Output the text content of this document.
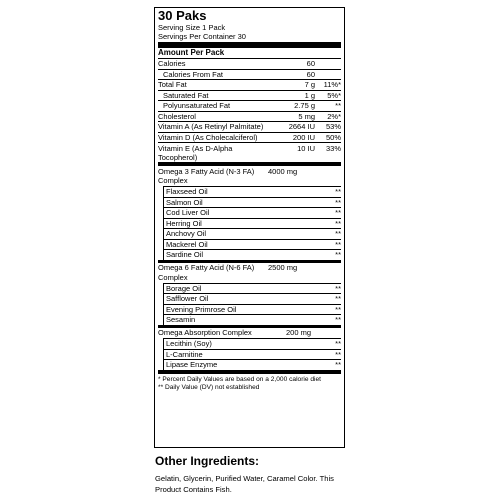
30 Paks
Serving Size 1 Pack
Servings Per Container 30
Amount Per Pack
Calories	60
Calories From Fat	60
Total Fat	7 g	11%*
Saturated Fat	1 g	5%*
Polyunsaturated Fat	2.75 g	**
Cholesterol	5 mg	2%*
Vitamin A (As Retinyl Palmitate)	2664 IU	53%
Vitamin D (As Cholecalciferol)	200 IU	50%
Vitamin E (As D-Alpha Tocopherol)
10 IU	33%
Omega 3 Fatty Acid (N-3 FA) Complex
4000 mg
Flaxseed Oil	**
Salmon Oil	**
Cod Liver Oil	**
Herring Oil	**
Anchovy Oil	**
Mackerel Oil	**
Sardine Oil	**
Omega 6 Fatty Acid (N-6 FA) Complex
2500 mg
Borage Oil	**
Safflower Oil	**
Evening Primrose Oil	**
Sesamin	**
Omega Absorption Complex	200 mg
Lecithin (Soy)	**
L-Carnitine	**
Lipase Enzyme	**
* Percent Daily Values are based on a 2,000 calorie diet
** Daily Value (DV) not established
Other Ingredients:
Gelatin, Glycerin, Purified Water, Caramel Color. This Product Contains Fish.
